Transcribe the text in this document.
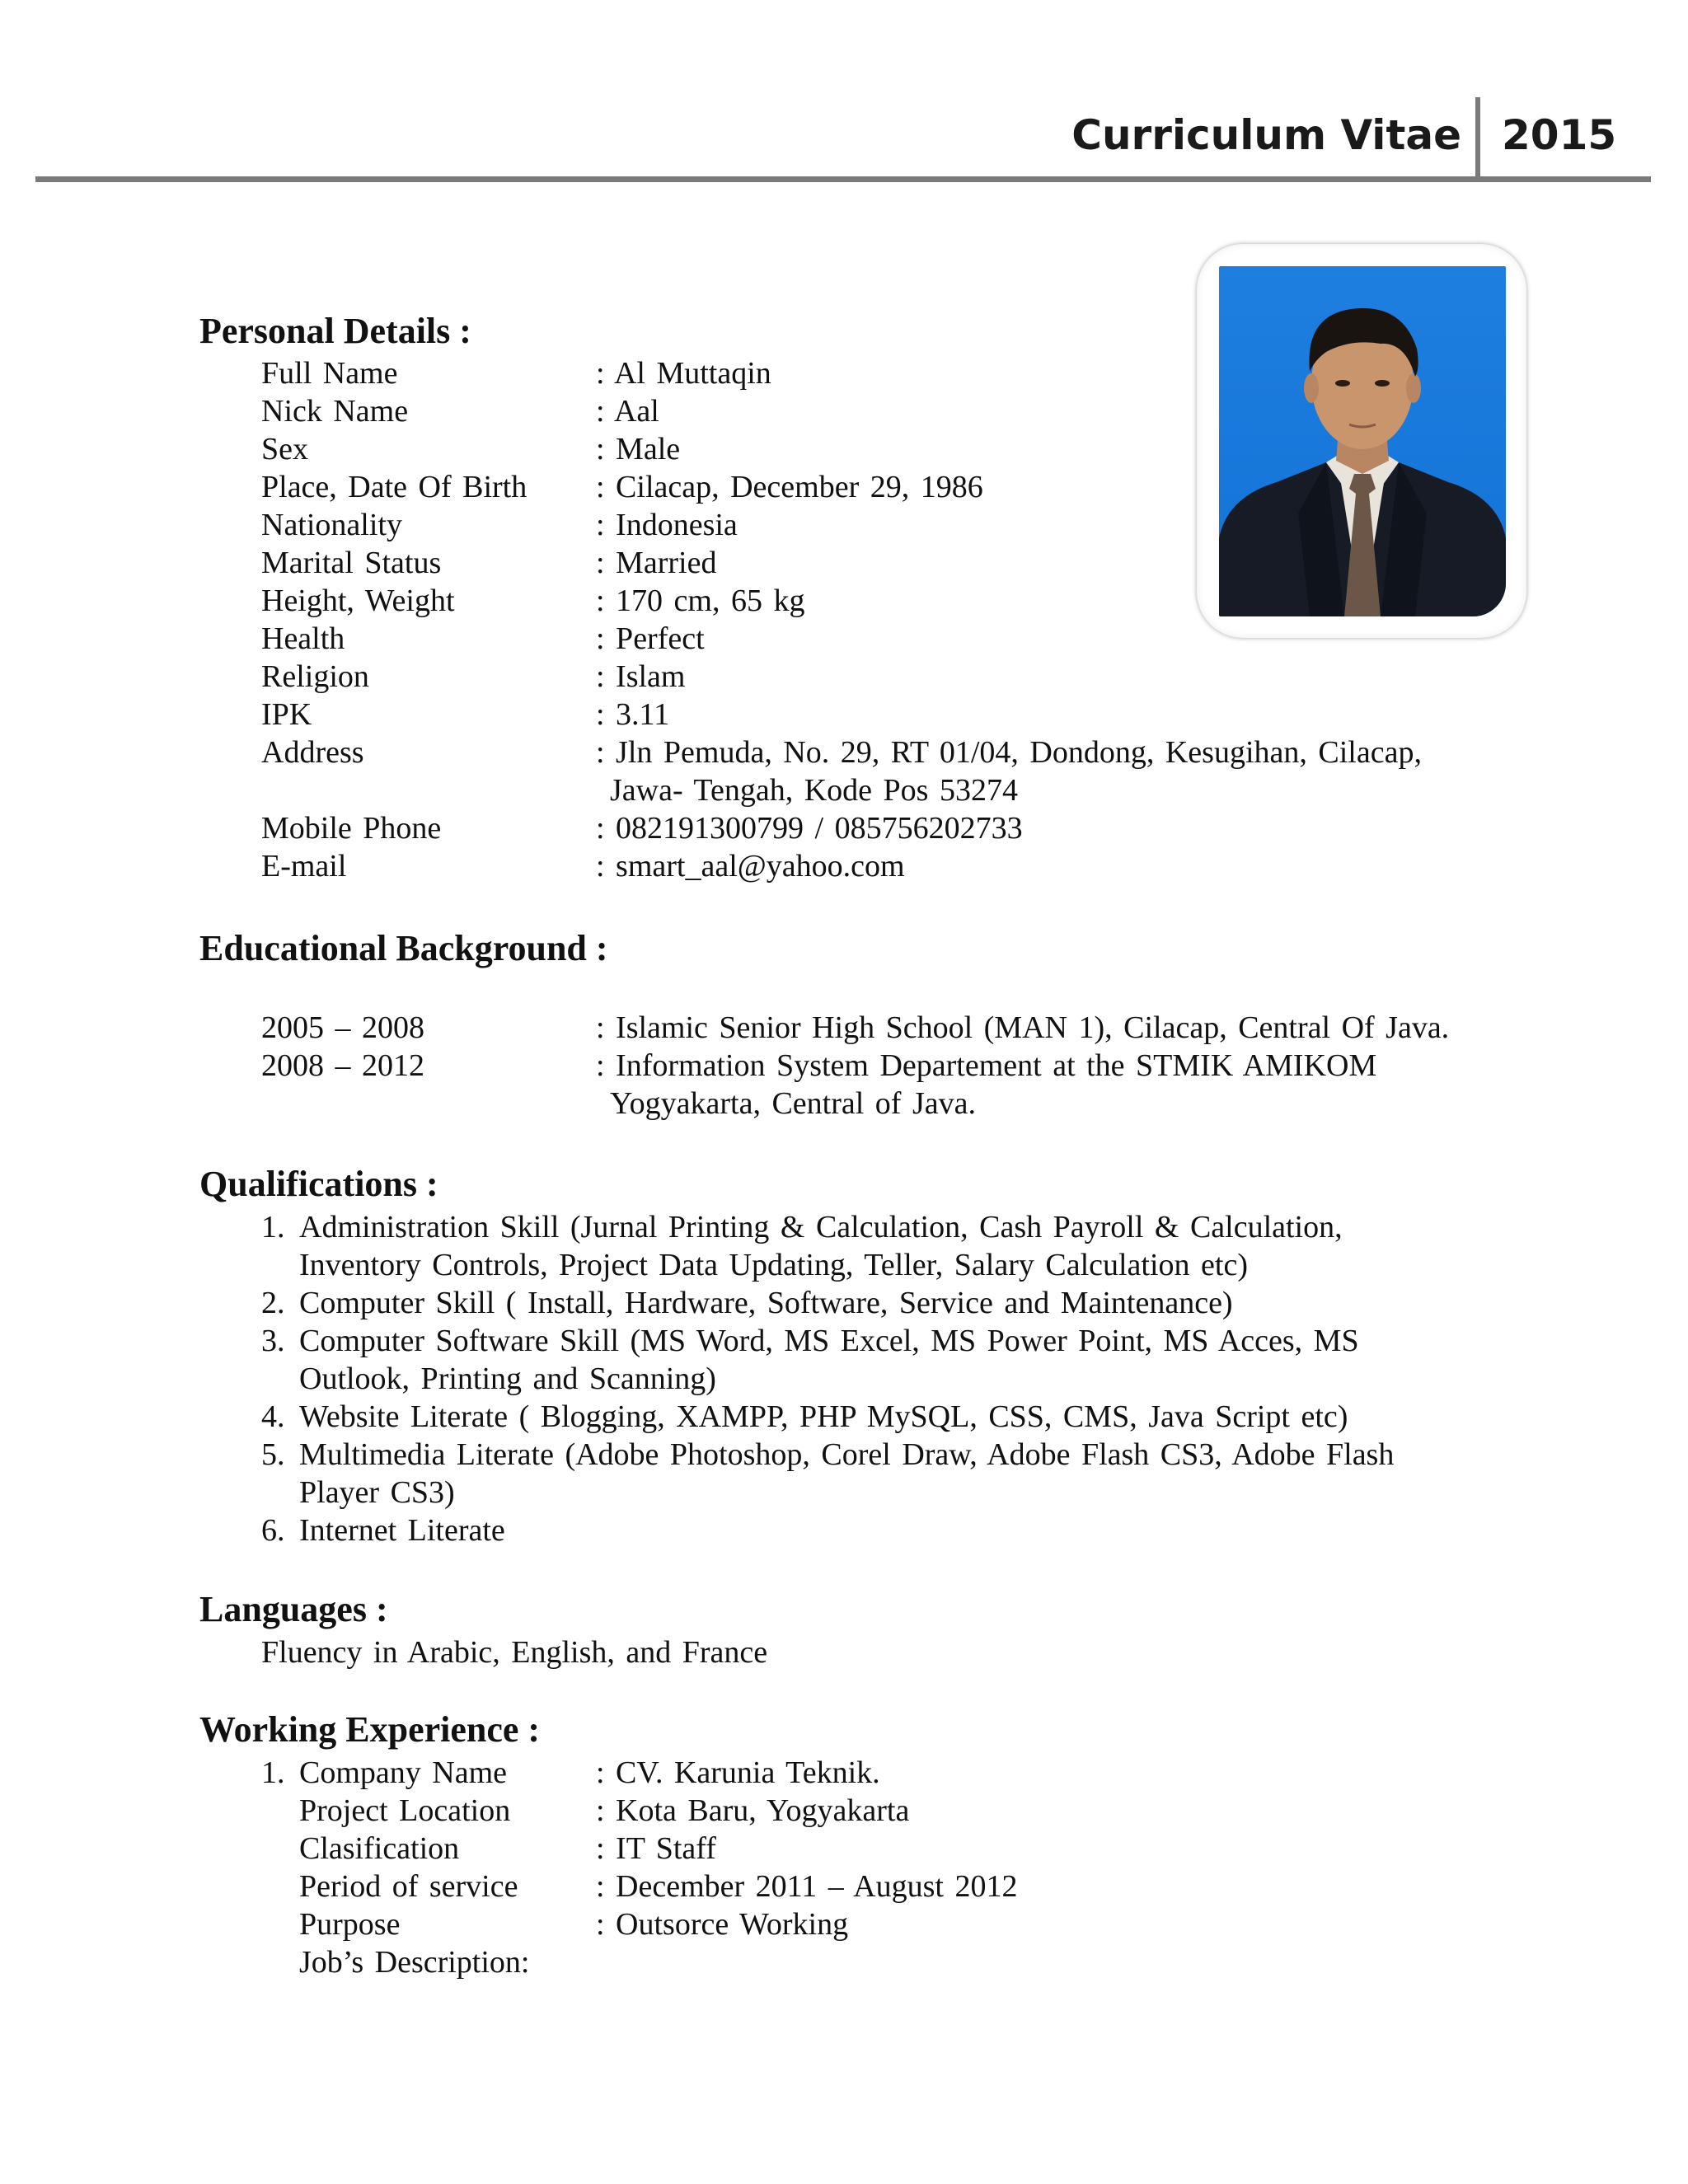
Curriculum Vitae 2015
Personal Details :
Full Name	: Al Muttaqin
Nick Name	: Aal
Sex	: Male
Place, Date Of Birth : Cilacap, December 29, 1986
Nationality	: Indonesia
Marital Status	: Married
Height, Weight	: 170 cm, 65 kg
Health	: Perfect
Religion	: Islam
IPK	: 3.11
Address	: Jln Pemuda, No. 29, RT 01/04, Dondong, Kesugihan, Cilacap,
Jawa- Tengah, Kode Pos 53274
Mobile Phone	: 082191300799 / 085756202733
E-mail	: smart_aal@yahoo.com
Educational Background :
2005 – 2008	: Islamic Senior High School (MAN 1), Cilacap, Central Of Java.
2008 – 2012	: Information System Departement at the STMIK AMIKOM
Yogyakarta, Central of Java.
Qualifications :
1. Administration Skill (Jurnal Printing & Calculation, Cash Payroll & Calculation,
Inventory Controls, Project Data Updating, Teller, Salary Calculation etc)
2. Computer Skill ( Install, Hardware, Software, Service and Maintenance)
3. Computer Software Skill (MS Word, MS Excel, MS Power Point, MS Acces, MS
Outlook, Printing and Scanning)
4. Website Literate ( Blogging, XAMPP, PHP MySQL, CSS, CMS, Java Script etc)
5. Multimedia Literate (Adobe Photoshop, Corel Draw, Adobe Flash CS3, Adobe Flash
Player CS3)
6. Internet Literate
Languages :
Fluency in Arabic, English, and France
Working Experience :
1. Company Name	: CV. Karunia Teknik.
Project Location	: Kota Baru, Yogyakarta
Clasification	: IT Staff
Period of service : December 2011 – August 2012
Purpose	: Outsorce Working
Job’s Description:
